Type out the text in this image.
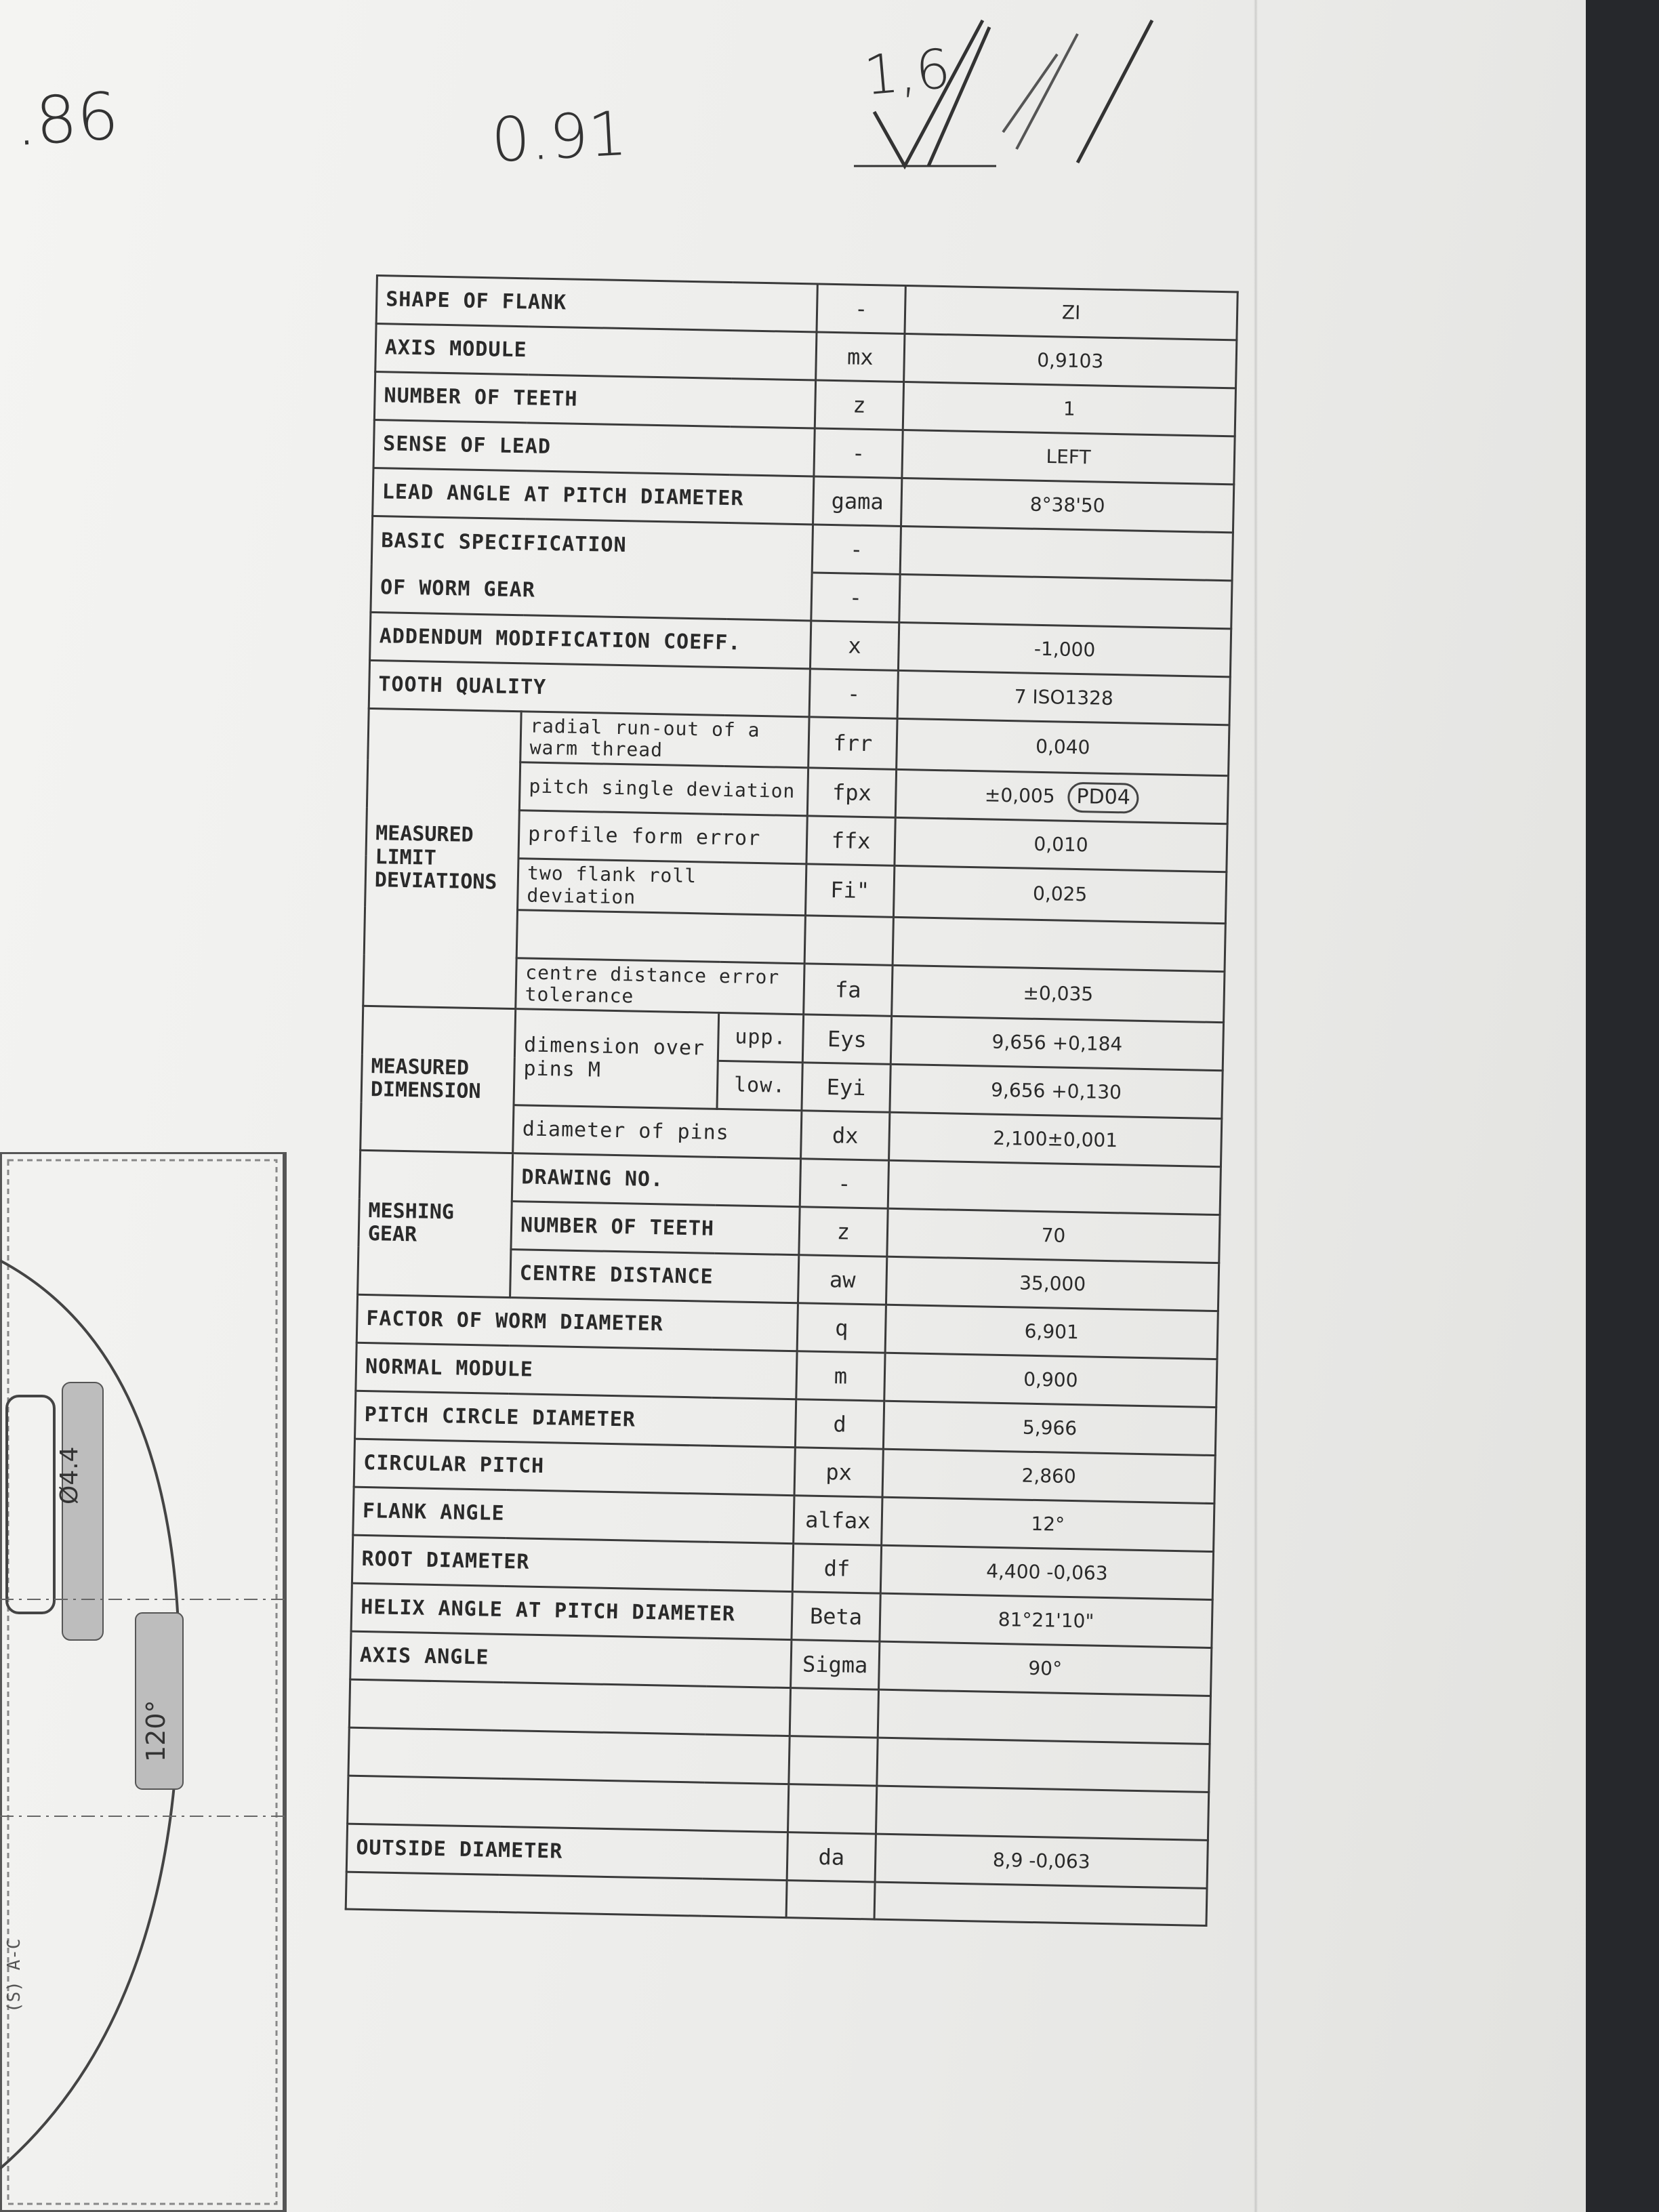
.86	0.91
1,6
Ø4.4
120°
(S) A-C
SHAPE OF FLANK			-	ZI
AXIS MODULE			mx	0,9103
NUMBER OF TEETH			z	1
SENSE OF LEAD			-	LEFT
LEAD ANGLE AT PITCH DIAMETER			gama	8°38'50
BASIC SPECIFICATION			-	
OF WORM GEAR			-	
ADDENDUM MODIFICATION COEFF.			x	-1,000
TOOTH QUALITY			-	7 ISO1328
MEASURED LIMIT DEVIATIONS	radial run-out of a warm thread		frr	0,040
	pitch single deviation		fpx	±0,005 PD04
	profile form error		ffx	0,010
	two flank roll deviation		Fi"	0,025

	centre distance error tolerance		fa	±0,035
MEASURED DIMENSION	dimension over pins M	upp.	Eys	9,656 +0,184
		low.	Eyi	9,656 +0,130
	diameter of pins		dx	2,100±0,001
MESHING GEAR	DRAWING NO.		-	
	NUMBER OF TEETH		z	70
	CENTRE DISTANCE		aw	35,000
FACTOR OF WORM DIAMETER			q	6,901
NORMAL MODULE			m	0,900
PITCH CIRCLE DIAMETER			d	5,966
CIRCULAR PITCH			px	2,860
FLANK ANGLE			alfax	12°
ROOT DIAMETER			df	4,400 -0,063
HELIX ANGLE AT PITCH DIAMETER			Beta	81°21'10"
AXIS ANGLE			Sigma	90°

OUTSIDE DIAMETER			da	8,9 -0,063
